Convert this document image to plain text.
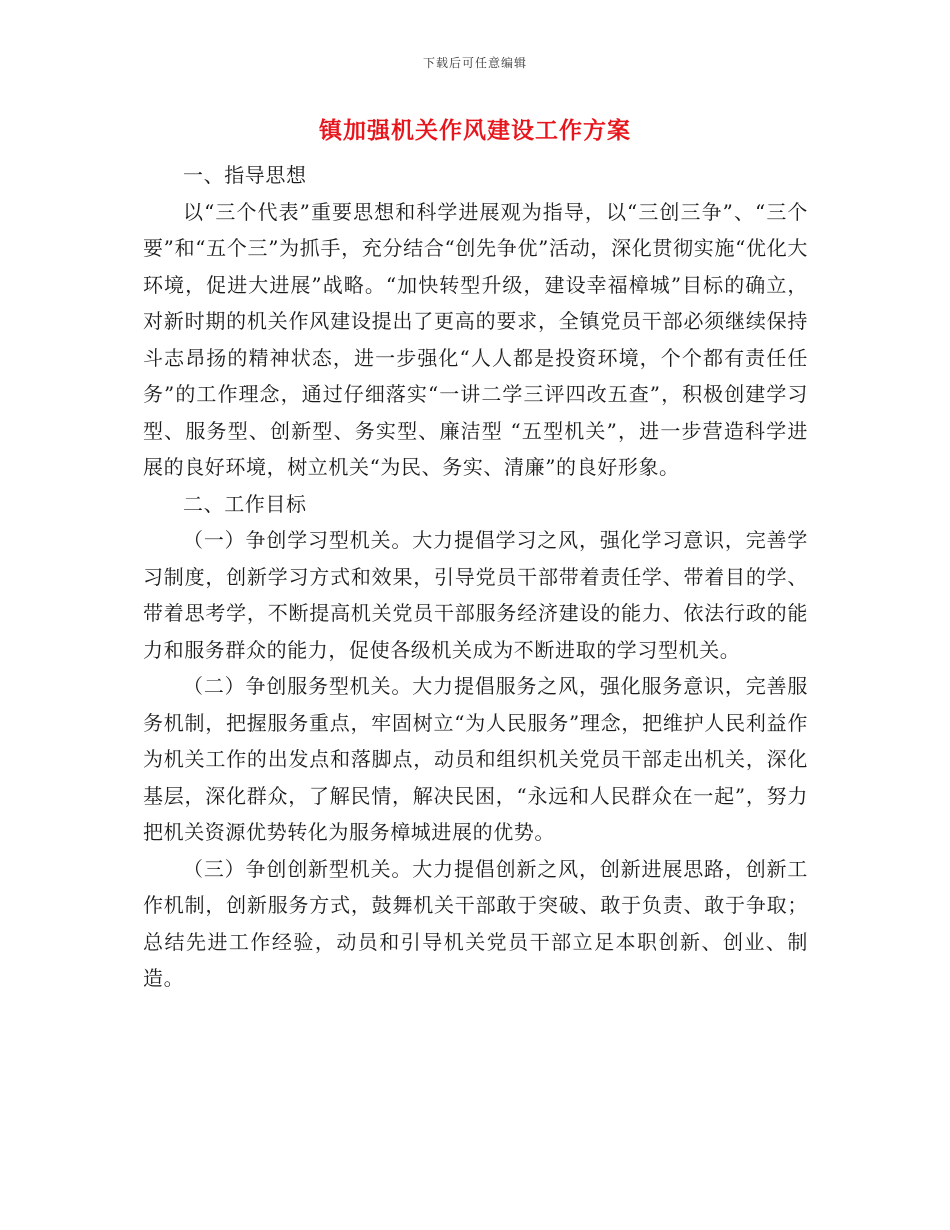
下载后可任意编辑
镇加强机关作风建设工作方案

一、指导思想

以“三个代表”重要思想和科学进展观为指导，以“三创三争”、“三个要”和“五个三”为抓手，充分结合“创先争优”活动，深化贯彻实施“优化大环境，促进大进展”战略。“加快转型升级，建设幸福樟城”目标的确立，对新时期的机关作风建设提出了更高的要求，全镇党员干部必须继续保持斗志昂扬的精神状态，进一步强化“人人都是投资环境，个个都有责任任务”的工作理念，通过仔细落实“一讲二学三评四改五查”，积极创建学习型、服务型、创新型、务实型、廉洁型 “五型机关”，进一步营造科学进展的良好环境，树立机关“为民、务实、清廉”的良好形象。

二、工作目标

（一）争创学习型机关。大力提倡学习之风，强化学习意识，完善学习制度，创新学习方式和效果，引导党员干部带着责任学、带着目的学、带着思考学，不断提高机关党员干部服务经济建设的能力、依法行政的能力和服务群众的能力，促使各级机关成为不断进取的学习型机关。

（二）争创服务型机关。大力提倡服务之风，强化服务意识，完善服务机制，把握服务重点，牢固树立“为人民服务”理念，把维护人民利益作为机关工作的出发点和落脚点，动员和组织机关党员干部走出机关，深化基层，深化群众，了解民情，解决民困，“永远和人民群众在一起”，努力把机关资源优势转化为服务樟城进展的优势。

（三）争创创新型机关。大力提倡创新之风，创新进展思路，创新工作机制，创新服务方式，鼓舞机关干部敢于突破、敢于负责、敢于争取；总结先进工作经验，动员和引导机关党员干部立足本职创新、创业、制造。
